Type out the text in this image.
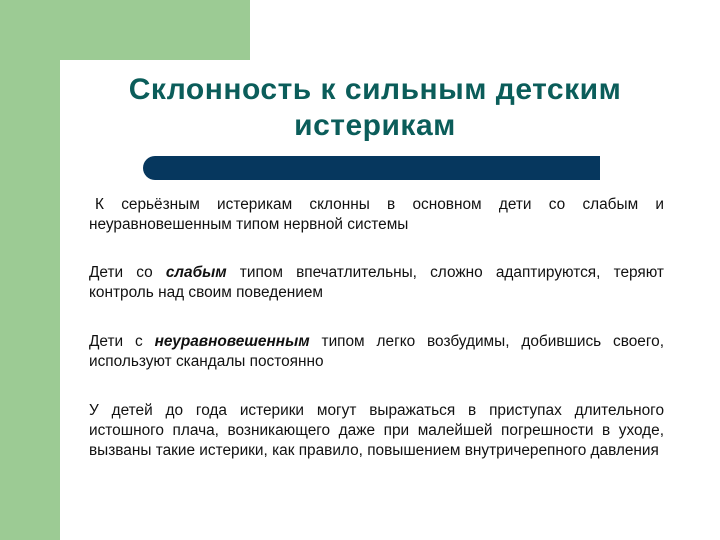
Склонность к сильным детским истерикам

К серьёзным истерикам склонны в основном дети со слабым и неуравновешенным типом нервной системы

Дети со слабым типом впечатлительны, сложно адаптируются, теряют контроль над своим поведением

Дети с неуравновешенным типом легко возбудимы, добившись своего, используют скандалы постоянно

У детей до года истерики могут выражаться в приступах длительного истошного плача, возникающего даже при малейшей погрешности в уходе, вызваны такие истерики, как правило, повышением внутричерепного давления
